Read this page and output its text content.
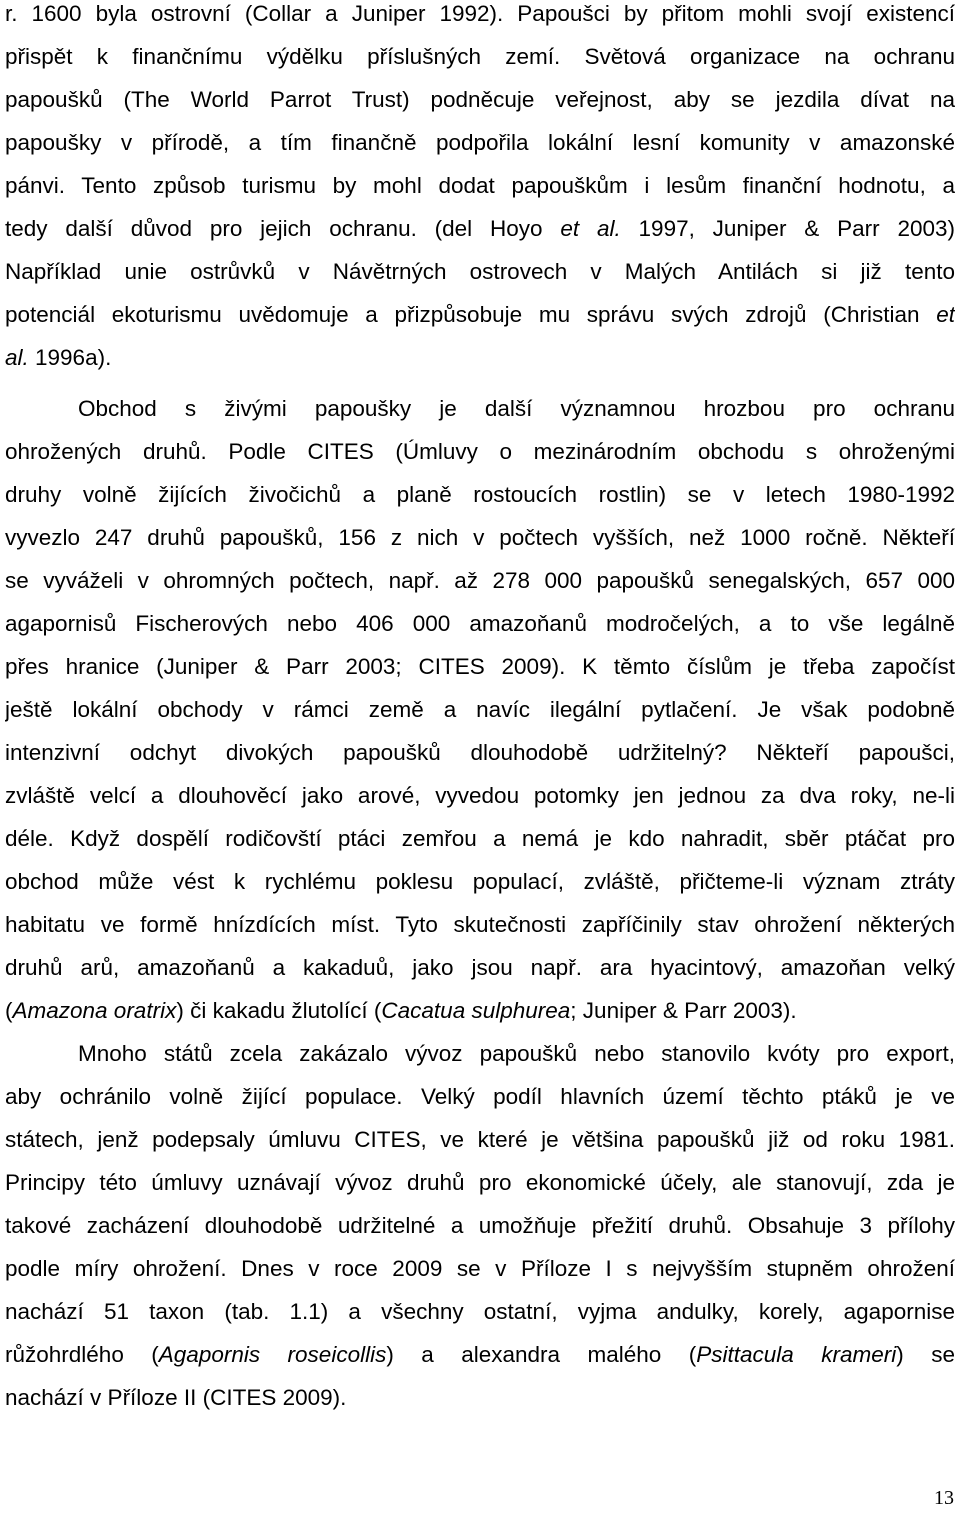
r. 1600 byla ostrovní (Collar a Juniper 1992). Papoušci by přitom mohli svojí existencí
přispět k finančnímu výdělku příslušných zemí. Světová organizace na ochranu
papoušků (The World Parrot Trust) podněcuje veřejnost, aby se jezdila dívat na
papoušky v přírodě, a tím finančně podpořila lokální lesní komunity v amazonské
pánvi. Tento způsob turismu by mohl dodat papouškům i lesům finanční hodnotu, a
tedy další důvod pro jejich ochranu. (del Hoyo et al. 1997, Juniper & Parr 2003)
Například unie ostrůvků v Návětrných ostrovech v Malých Antilách si již tento
potenciál ekoturismu uvědomuje a přizpůsobuje mu správu svých zdrojů (Christian et
al. 1996a).
Obchod s živými papoušky je další významnou hrozbou pro ochranu
ohrožených druhů. Podle CITES (Úmluvy o mezinárodním obchodu s ohroženými
druhy volně žijících živočichů a planě rostoucích rostlin) se v letech 1980-1992
vyvezlo 247 druhů papoušků, 156 z nich v počtech vyšších, než 1000 ročně. Někteří
se vyváželi v ohromných počtech, např. až 278 000 papoušků senegalských, 657 000
agapornisů Fischerových nebo 406 000 amazoňanů modročelých, a to vše legálně
přes hranice (Juniper & Parr 2003; CITES 2009). K těmto číslům je třeba započíst
ještě lokální obchody v rámci země a navíc ilegální pytlačení. Je však podobně
intenzivní odchyt divokých papoušků dlouhodobě udržitelný? Někteří papoušci,
zvláště velcí a dlouhověcí jako arové, vyvedou potomky jen jednou za dva roky, ne-li
déle. Když dospělí rodičovští ptáci zemřou a nemá je kdo nahradit, sběr ptáčat pro
obchod může vést k rychlému poklesu populací, zvláště, přičteme-li význam ztráty
habitatu ve formě hnízdících míst. Tyto skutečnosti zapříčinily stav ohrožení některých
druhů arů, amazoňanů a kakaduů, jako jsou např. ara hyacintový, amazoňan velký
(Amazona oratrix) či kakadu žlutolící (Cacatua sulphurea; Juniper & Parr 2003).
Mnoho států zcela zakázalo vývoz papoušků nebo stanovilo kvóty pro export,
aby ochránilo volně žijící populace. Velký podíl hlavních území těchto ptáků je ve
státech, jenž podepsaly úmluvu CITES, ve které je většina papoušků již od roku 1981.
Principy této úmluvy uznávají vývoz druhů pro ekonomické účely, ale stanovují, zda je
takové zacházení dlouhodobě udržitelné a umožňuje přežití druhů. Obsahuje 3 přílohy
podle míry ohrožení. Dnes v roce 2009 se v Příloze I s nejvyšším stupněm ohrožení
nachází 51 taxon (tab. 1.1) a všechny ostatní, vyjma andulky, korely, agapornise
růžohrdlého (Agapornis roseicollis) a alexandra malého (Psittacula krameri) se
nachází v Příloze II (CITES 2009).
13
